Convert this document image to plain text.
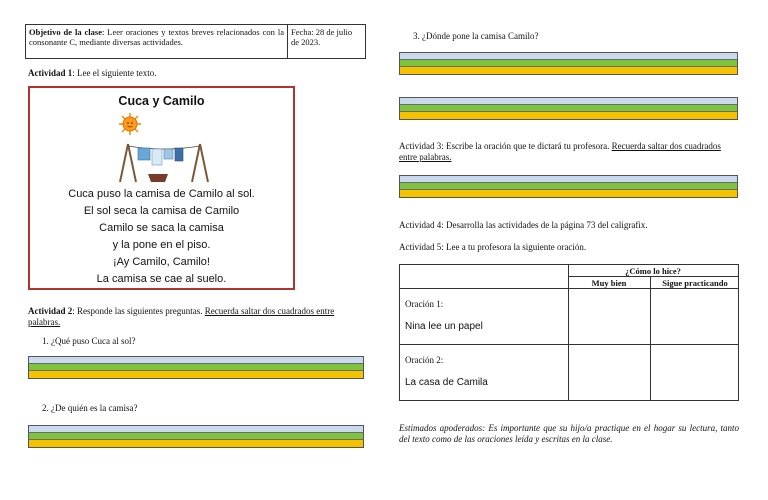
Objetivo de la clase: Leer oraciones y textos breves relacionados con la consonante C, mediante diversas actividades.
Fecha: 28 de julio de 2023.
Actividad 1: Lee el siguiente texto.
Cuca y Camilo
Cuca puso la camisa de Camilo al sol.
El sol seca la camisa de Camilo
Camilo se saca la camisa
y la pone en el piso.
¡Ay Camilo, Camilo!
La camisa se cae al suelo.
Actividad 2: Responde las siguientes preguntas. Recuerda saltar dos cuadrados entre palabras.
1. ¿Qué puso Cuca al sol?
2. ¿De quién es la camisa?
3. ¿Dónde pone la camisa Camilo?
Actividad 3: Escribe la oración que te dictará tu profesora. Recuerda saltar dos cuadrados entre palabras.
Actividad 4: Desarrolla las actividades de la página 73 del caligrafix.
Actividad 5: Lee a tu profesora la siguiente oración.
¿Cómo lo hice?
Muy bien	Sigue practicando
Oración 1:
Nina lee un papel
Oración 2:
La casa de Camila
Estimados apoderados: Es importante que su hijo/a practique en el hogar su lectura, tanto del texto como de las oraciones leída y escritas en la clase.
